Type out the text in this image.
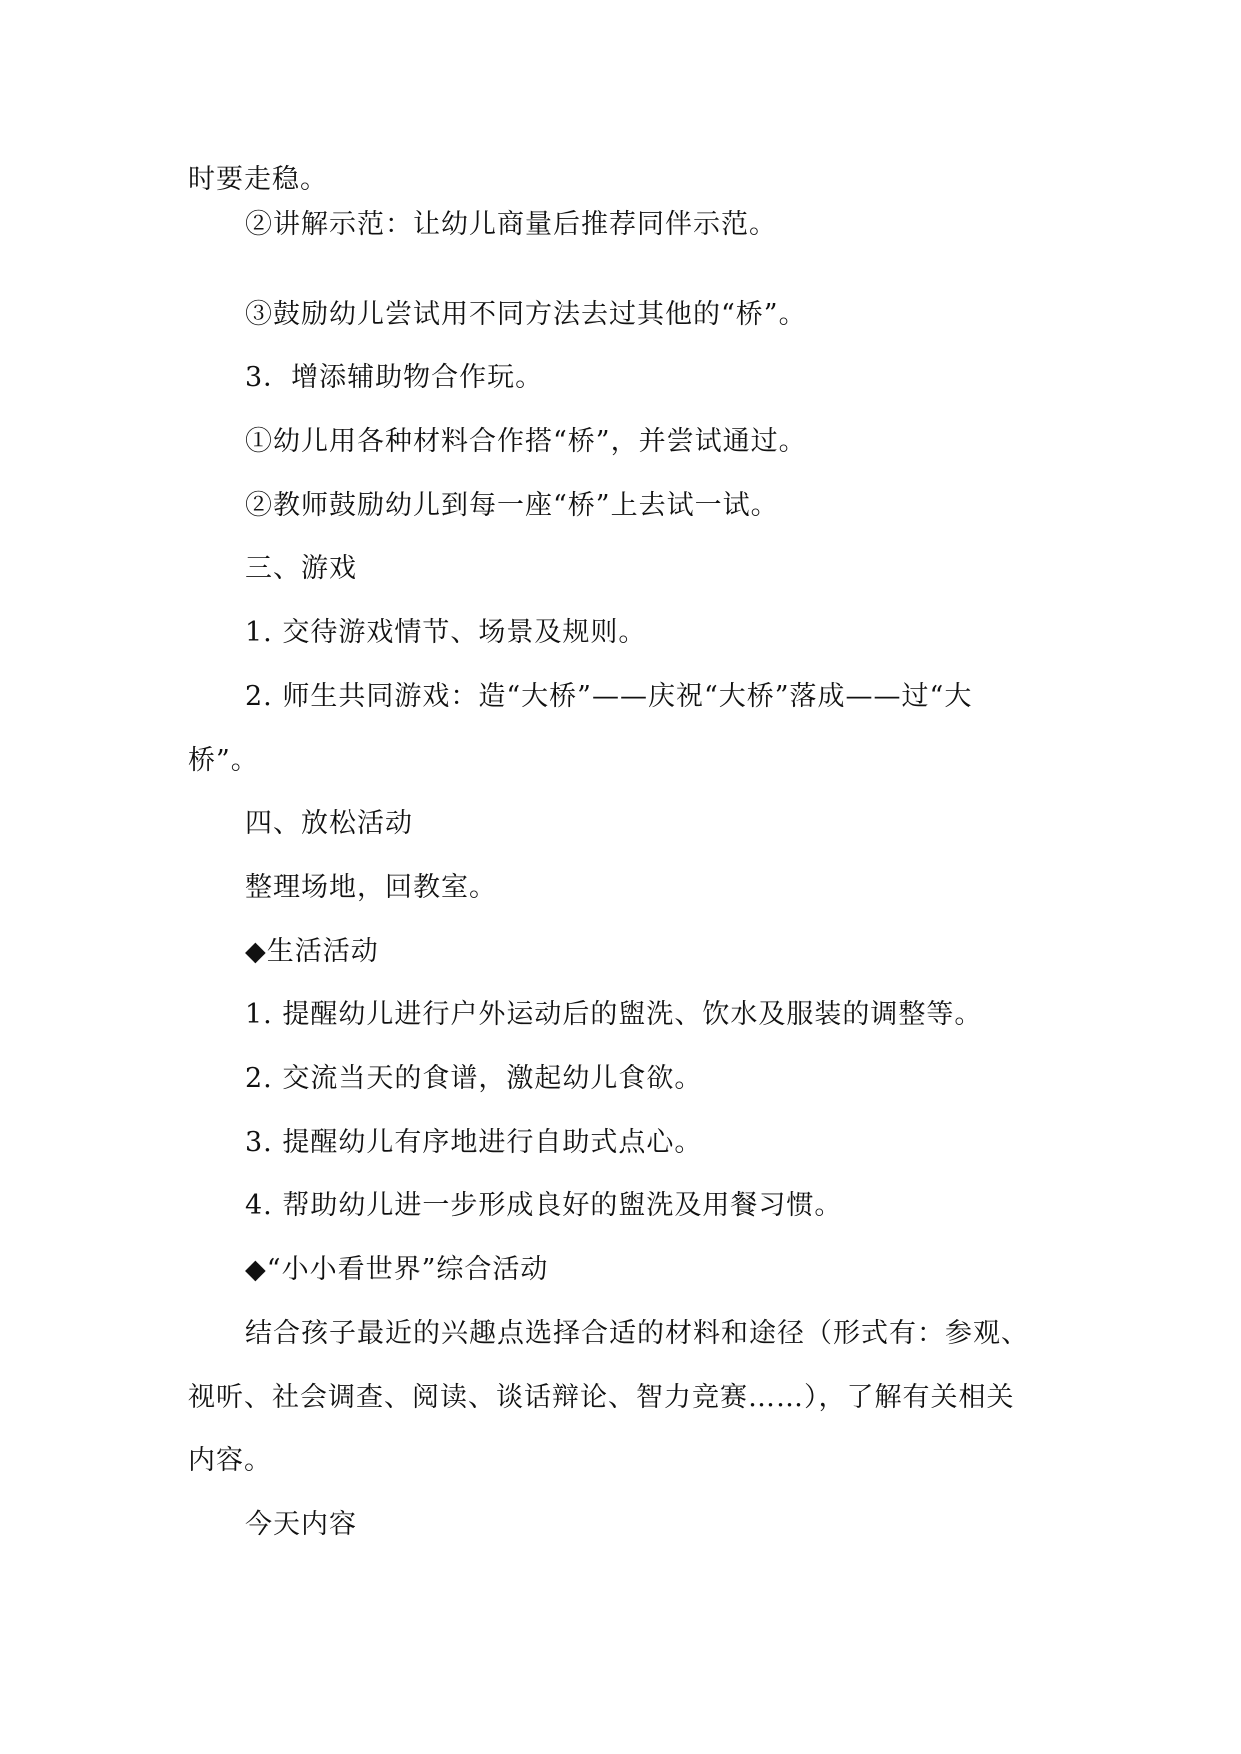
时要走稳。
②讲解示范：让幼儿商量后推荐同伴示范。
③鼓励幼儿尝试用不同方法去过其他的“桥”。
3．增添辅助物合作玩。
①幼儿用各种材料合作搭“桥”，并尝试通过。
②教师鼓励幼儿到每一座“桥”上去试一试。
三、游戏
1. 交待游戏情节、场景及规则。
2. 师生共同游戏：造“大桥”——庆祝“大桥”落成——过“大
桥”。
四、放松活动
整理场地，回教室。
◆生活活动
1. 提醒幼儿进行户外运动后的盥洗、饮水及服装的调整等。
2. 交流当天的食谱，激起幼儿食欲。
3. 提醒幼儿有序地进行自助式点心。
4. 帮助幼儿进一步形成良好的盥洗及用餐习惯。
◆“小小看世界”综合活动
结合孩子最近的兴趣点选择合适的材料和途径（形式有：参观、
视听、社会调查、阅读、谈话辩论、智力竞赛……），了解有关相关
内容。
今天内容
